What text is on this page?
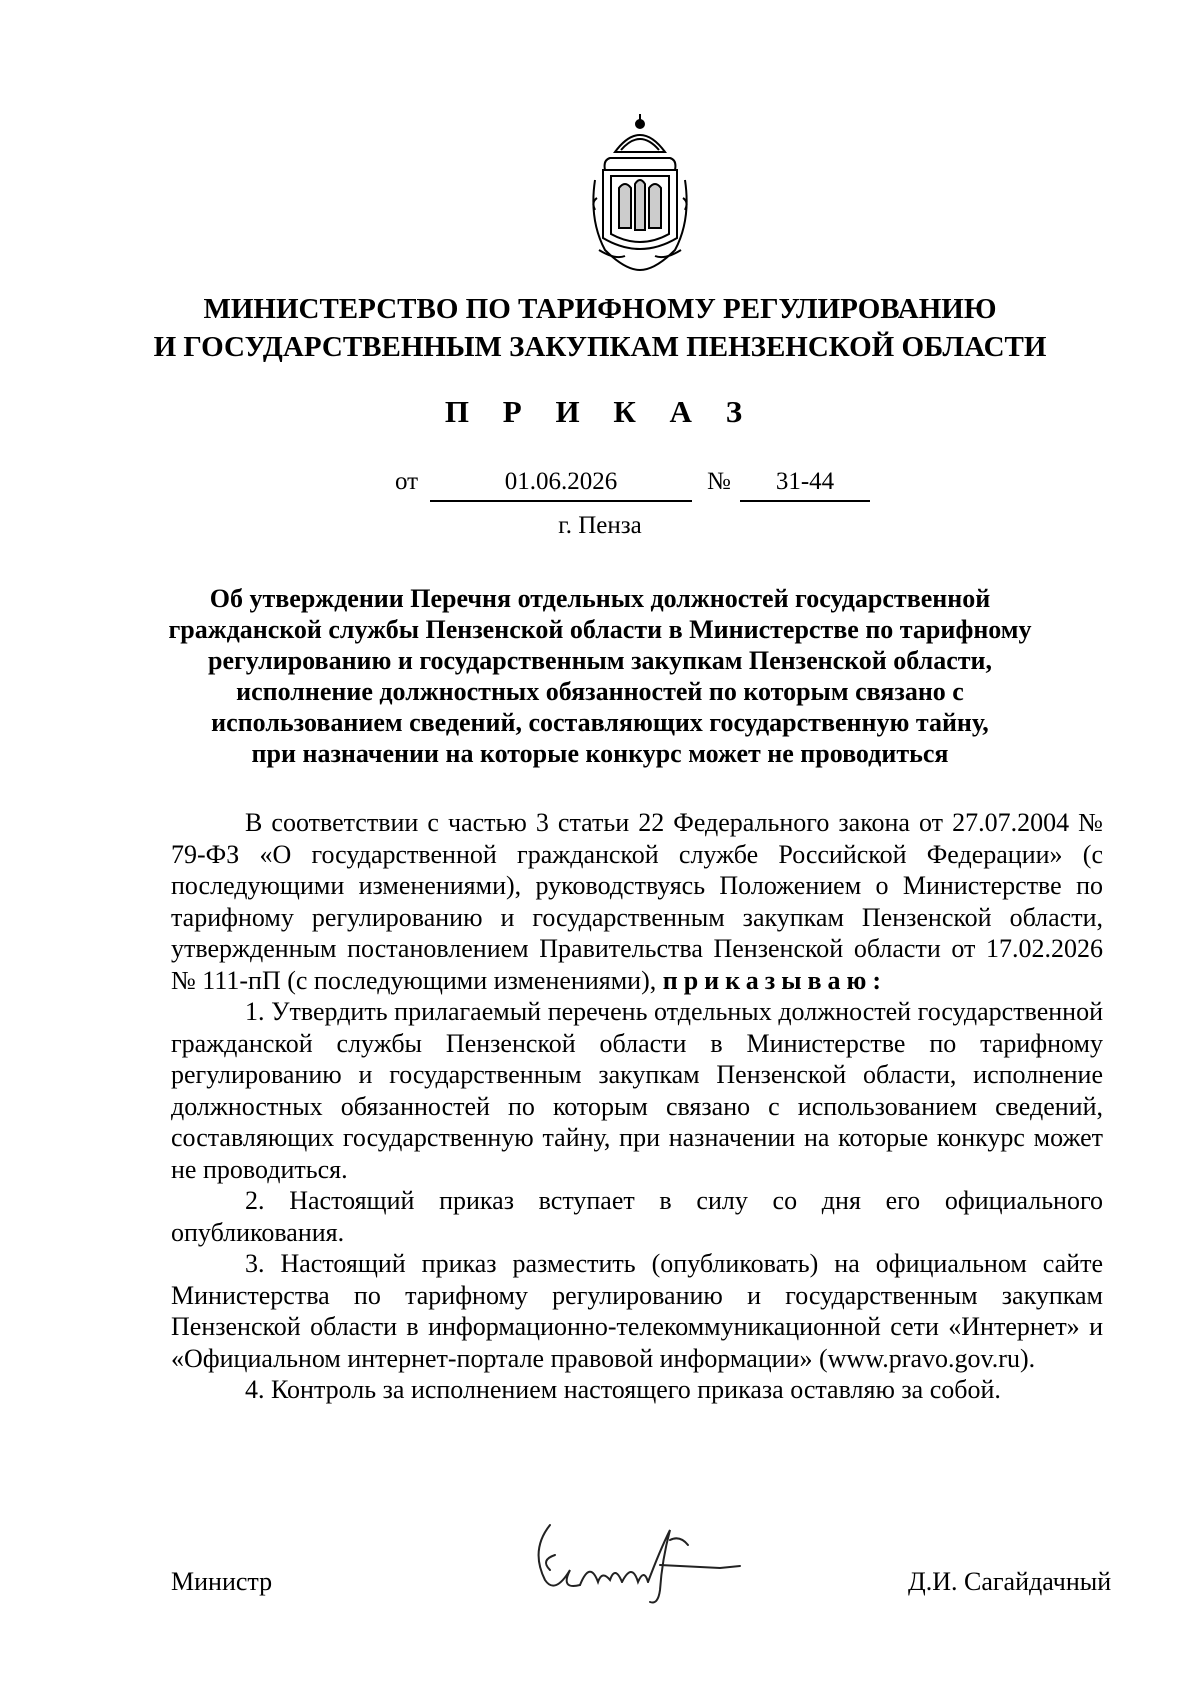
МИНИСТЕРСТВО ПО ТАРИФНОМУ РЕГУЛИРОВАНИЮ
И ГОСУДАРСТВЕННЫМ ЗАКУПКАМ ПЕНЗЕНСКОЙ ОБЛАСТИ
П Р И К А З
от	01.06.2026	№	31-44
г. Пенза
Об утверждении Перечня отдельных должностей государственной
гражданской службы Пензенской области в Министерстве по тарифному
регулированию и государственным закупкам Пензенской области,
исполнение должностных обязанностей по которым связано с
использованием сведений, составляющих государственную тайну,
при назначении на которые конкурс может не проводиться

В соответствии с частью 3 статьи 22 Федерального закона от 27.07.2004 № 79-ФЗ «О государственной гражданской службе Российской Федерации» (с последующими изменениями), руководствуясь Положением о Министерстве по тарифному регулированию и государственным закупкам Пензенской области, утвержденным постановлением Правительства Пензенской области от 17.02.2026 № 111-пП (с последующими изменениями), приказываю:

1. Утвердить прилагаемый перечень отдельных должностей государственной гражданской службы Пензенской области в Министерстве по тарифному регулированию и государственным закупкам Пензенской области, исполнение должностных обязанностей по которым связано с использованием сведений, составляющих государственную тайну, при назначении на которые конкурс может не проводиться.

2. Настоящий приказ вступает в силу со дня его официального опубликования.

3. Настоящий приказ разместить (опубликовать) на официальном сайте Министерства по тарифному регулированию и государственным закупкам Пензенской области в информационно-телекоммуникационной сети «Интернет» и «Официальном интернет-портале правовой информации» (www.pravo.gov.ru).

4. Контроль за исполнением настоящего приказа оставляю за собой.

Министр	Д.И. Сагайдачный
